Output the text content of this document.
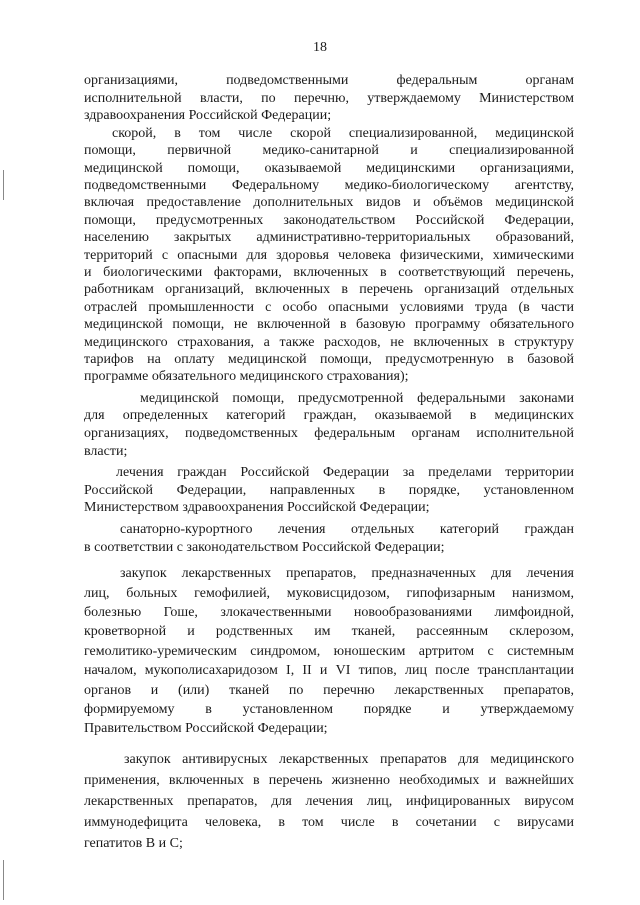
18
организациями, подведомственными федеральным органам
исполнительной власти, по перечню, утверждаемому Министерством
здравоохранения Российской Федерации;
скорой, в том числе скорой специализированной, медицинской
помощи, первичной медико-санитарной и специализированной
медицинской помощи, оказываемой медицинскими организациями,
подведомственными Федеральному медико-биологическому агентству,
включая предоставление дополнительных видов и объёмов медицинской
помощи, предусмотренных законодательством Российской Федерации,
населению закрытых административно-территориальных образований,
территорий с опасными для здоровья человека физическими, химическими
и биологическими факторами, включенных в соответствующий перечень,
работникам организаций, включенных в перечень организаций отдельных
отраслей промышленности с особо опасными условиями труда (в части
медицинской помощи, не включенной в базовую программу обязательного
медицинского страхования, а также расходов, не включенных в структуру
тарифов на оплату медицинской помощи, предусмотренную в базовой
программе обязательного медицинского страхования);
медицинской помощи, предусмотренной федеральными законами
для определенных категорий граждан, оказываемой в медицинских
организациях, подведомственных федеральным органам исполнительной
власти;
лечения граждан Российской Федерации за пределами территории
Российской Федерации, направленных в порядке, установленном
Министерством здравоохранения Российской Федерации;
санаторно-курортного лечения отдельных категорий граждан
в соответствии с законодательством Российской Федерации;
закупок лекарственных препаратов, предназначенных для лечения
лиц, больных гемофилией, муковисцидозом, гипофизарным нанизмом,
болезнью Гоше, злокачественными новообразованиями лимфоидной,
кроветворной и родственных им тканей, рассеянным склерозом,
гемолитико-уремическим синдромом, юношеским артритом с системным
началом, мукополисахаридозом I, II и VI типов, лиц после трансплантации
органов и (или) тканей по перечню лекарственных препаратов,
формируемому в установленном порядке и утверждаемому
Правительством Российской Федерации;
закупок антивирусных лекарственных препаратов для медицинского
применения, включенных в перечень жизненно необходимых и важнейших
лекарственных препаратов, для лечения лиц, инфицированных вирусом
иммунодефицита человека, в том числе в сочетании с вирусами
гепатитов B и C;
